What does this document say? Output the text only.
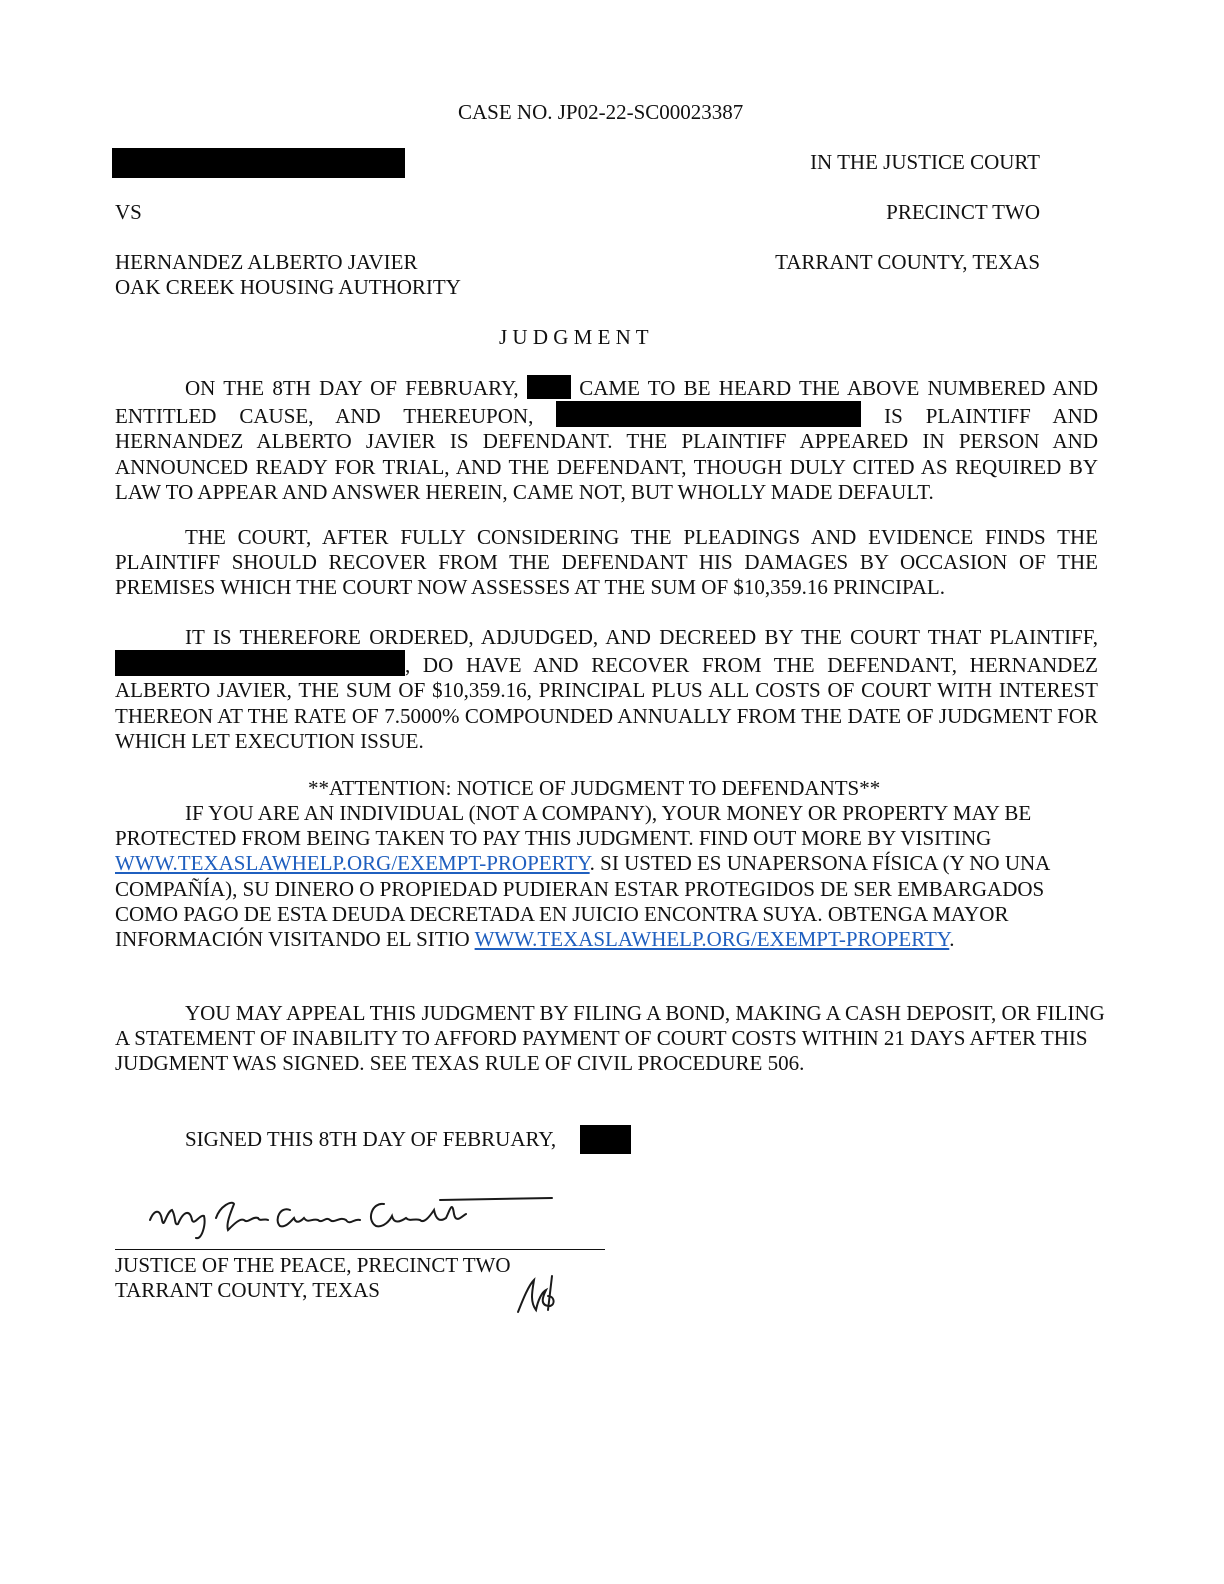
CASE NO. JP02-22-SC00023387
IN THE JUSTICE COURT
VS	PRECINCT TWO
HERNANDEZ ALBERTO JAVIER	TARRANT COUNTY, TEXAS
OAK CREEK HOUSING AUTHORITY
J U D G M E N T
ON THE 8TH DAY OF FEBRUARY,	CAME TO BE HEARD THE ABOVE NUMBERED AND ENTITLED CAUSE, AND THEREUPON,	IS PLAINTIFF AND HERNANDEZ ALBERTO JAVIER IS DEFENDANT. THE PLAINTIFF APPEARED IN PERSON AND ANNOUNCED READY FOR TRIAL, AND THE DEFENDANT, THOUGH DULY CITED AS REQUIRED BY LAW TO APPEAR AND ANSWER HEREIN, CAME NOT, BUT WHOLLY MADE DEFAULT.
THE COURT, AFTER FULLY CONSIDERING THE PLEADINGS AND EVIDENCE FINDS THE PLAINTIFF SHOULD RECOVER FROM THE DEFENDANT HIS DAMAGES BY OCCASION OF THE PREMISES WHICH THE COURT NOW ASSESSES AT THE SUM OF $10,359.16 PRINCIPAL.
IT IS THEREFORE ORDERED, ADJUDGED, AND DECREED BY THE COURT THAT PLAINTIFF, , DO HAVE AND RECOVER FROM THE DEFENDANT, HERNANDEZ ALBERTO JAVIER, THE SUM OF $10,359.16, PRINCIPAL PLUS ALL COSTS OF COURT WITH INTEREST THEREON AT THE RATE OF 7.5000% COMPOUNDED ANNUALLY FROM THE DATE OF JUDGMENT FOR WHICH LET EXECUTION ISSUE.
**ATTENTION: NOTICE OF JUDGMENT TO DEFENDANTS**
IF YOU ARE AN INDIVIDUAL (NOT A COMPANY), YOUR MONEY OR PROPERTY MAY BE PROTECTED FROM BEING TAKEN TO PAY THIS JUDGMENT. FIND OUT MORE BY VISITING WWW.TEXASLAWHELP.ORG/EXEMPT-PROPERTY. SI USTED ES UNAPERSONA FÍSICA (Y NO UNA COMPAÑÍA), SU DINERO O PROPIEDAD PUDIERAN ESTAR PROTEGIDOS DE SER EMBARGADOS COMO PAGO DE ESTA DEUDA DECRETADA EN JUICIO ENCONTRA SUYA. OBTENGA MAYOR INFORMACIÓN VISITANDO EL SITIO WWW.TEXASLAWHELP.ORG/EXEMPT-PROPERTY.
YOU MAY APPEAL THIS JUDGMENT BY FILING A BOND, MAKING A CASH DEPOSIT, OR FILING A STATEMENT OF INABILITY TO AFFORD PAYMENT OF COURT COSTS WITHIN 21 DAYS AFTER THIS JUDGMENT WAS SIGNED. SEE TEXAS RULE OF CIVIL PROCEDURE 506.
SIGNED THIS 8TH DAY OF FEBRUARY,
JUSTICE OF THE PEACE, PRECINCT TWO
TARRANT COUNTY, TEXAS
